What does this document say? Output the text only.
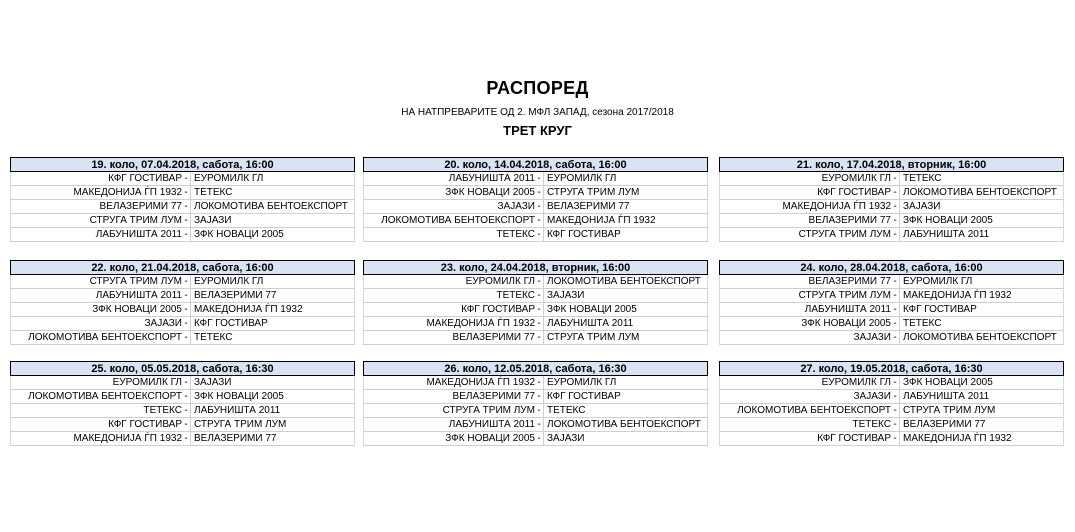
РАСПОРЕД
НА НАТПРЕВАРИТЕ ОД 2. МФЛ ЗАПАД, сезона 2017/2018
ТРЕТ КРУГ
19. коло, 07.04.2018, сабота, 16:00
КФГ ГОСТИВАР - ЕУРОМИЛК ГЛ
МАКЕДОНИЈА ЃП 1932 - ТЕТЕКС
ВЕЛАЗЕРИМИ 77 - ЛОКОМОТИВА БЕНТОЕКСПОРТ
СТРУГА ТРИМ ЛУМ - ЗАЈАЗИ
ЛАБУНИШТА 2011 - ЗФК НОВАЦИ 2005
20. коло, 14.04.2018, сабота, 16:00
ЛАБУНИШТА 2011 - ЕУРОМИЛК ГЛ
ЗФК НОВАЦИ 2005 - СТРУГА ТРИМ ЛУМ
ЗАЈАЗИ - ВЕЛАЗЕРИМИ 77
ЛОКОМОТИВА БЕНТОЕКСПОРТ - МАКЕДОНИЈА ЃП 1932
ТЕТЕКС - КФГ ГОСТИВАР
21. коло, 17.04.2018, вторник, 16:00
ЕУРОМИЛК ГЛ - ТЕТЕКС
КФГ ГОСТИВАР - ЛОКОМОТИВА БЕНТОЕКСПОРТ
МАКЕДОНИЈА ЃП 1932 - ЗАЈАЗИ
ВЕЛАЗЕРИМИ 77 - ЗФК НОВАЦИ 2005
СТРУГА ТРИМ ЛУМ - ЛАБУНИШТА 2011
22. коло, 21.04.2018, сабота, 16:00
СТРУГА ТРИМ ЛУМ - ЕУРОМИЛК ГЛ
ЛАБУНИШТА 2011 - ВЕЛАЗЕРИМИ 77
ЗФК НОВАЦИ 2005 - МАКЕДОНИЈА ЃП 1932
ЗАЈАЗИ - КФГ ГОСТИВАР
ЛОКОМОТИВА БЕНТОЕКСПОРТ - ТЕТЕКС
23. коло, 24.04.2018, вторник, 16:00
ЕУРОМИЛК ГЛ - ЛОКОМОТИВА БЕНТОЕКСПОРТ
ТЕТЕКС - ЗАЈАЗИ
КФГ ГОСТИВАР - ЗФК НОВАЦИ 2005
МАКЕДОНИЈА ЃП 1932 - ЛАБУНИШТА 2011
ВЕЛАЗЕРИМИ 77 - СТРУГА ТРИМ ЛУМ
24. коло, 28.04.2018, сабота, 16:00
ВЕЛАЗЕРИМИ 77 - ЕУРОМИЛК ГЛ
СТРУГА ТРИМ ЛУМ - МАКЕДОНИЈА ЃП 1932
ЛАБУНИШТА 2011 - КФГ ГОСТИВАР
ЗФК НОВАЦИ 2005 - ТЕТЕКС
ЗАЈАЗИ - ЛОКОМОТИВА БЕНТОЕКСПОРТ
25. коло, 05.05.2018, сабота, 16:30
ЕУРОМИЛК ГЛ - ЗАЈАЗИ
ЛОКОМОТИВА БЕНТОЕКСПОРТ - ЗФК НОВАЦИ 2005
ТЕТЕКС - ЛАБУНИШТА 2011
КФГ ГОСТИВАР - СТРУГА ТРИМ ЛУМ
МАКЕДОНИЈА ЃП 1932 - ВЕЛАЗЕРИМИ 77
26. коло, 12.05.2018, сабота, 16:30
МАКЕДОНИЈА ЃП 1932 - ЕУРОМИЛК ГЛ
ВЕЛАЗЕРИМИ 77 - КФГ ГОСТИВАР
СТРУГА ТРИМ ЛУМ - ТЕТЕКС
ЛАБУНИШТА 2011 - ЛОКОМОТИВА БЕНТОЕКСПОРТ
ЗФК НОВАЦИ 2005 - ЗАЈАЗИ
27. коло, 19.05.2018, сабота, 16:30
ЕУРОМИЛК ГЛ - ЗФК НОВАЦИ 2005
ЗАЈАЗИ - ЛАБУНИШТА 2011
ЛОКОМОТИВА БЕНТОЕКСПОРТ - СТРУГА ТРИМ ЛУМ
ТЕТЕКС - ВЕЛАЗЕРИМИ 77
КФГ ГОСТИВАР - МАКЕДОНИЈА ЃП 1932
